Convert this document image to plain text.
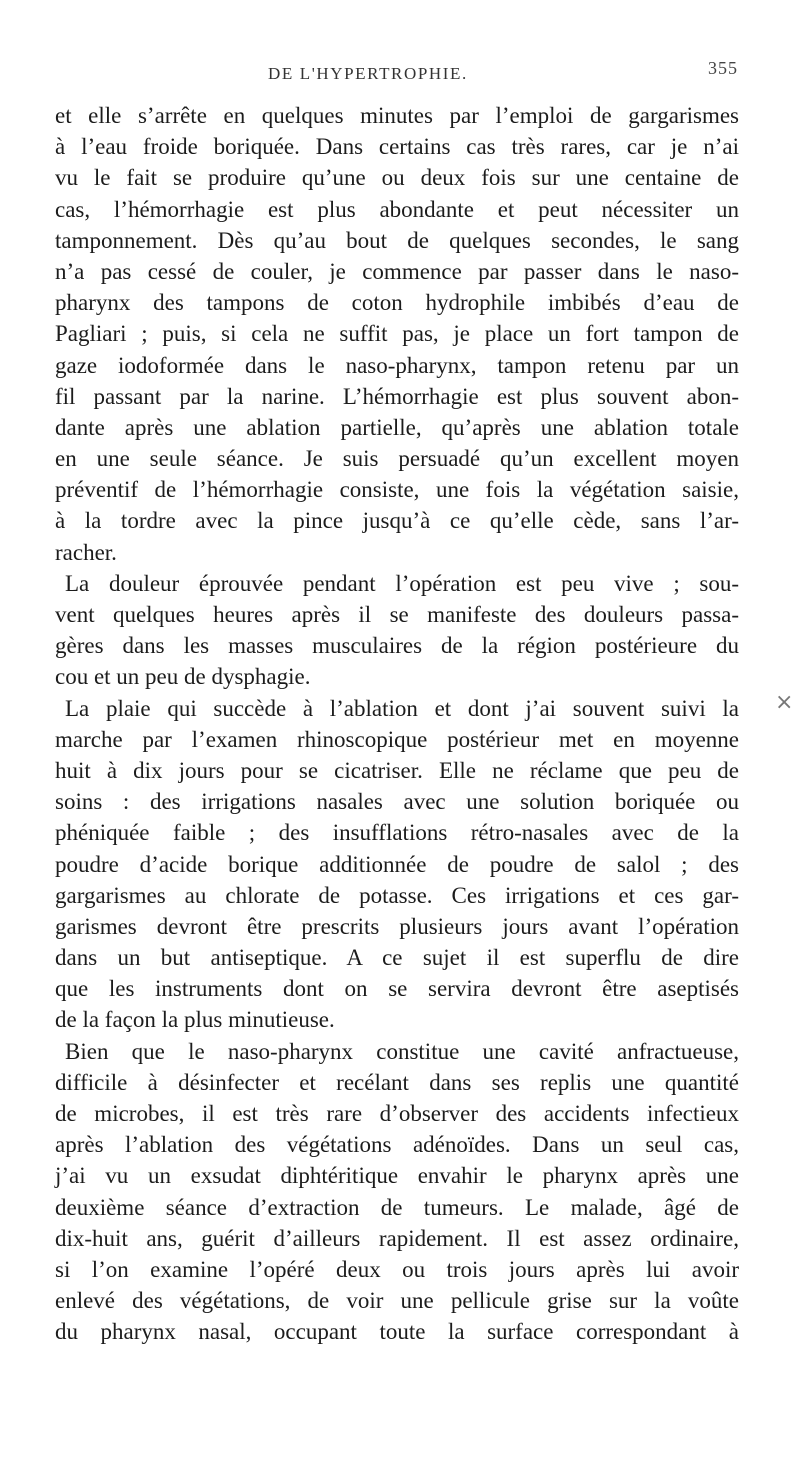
DE L'HYPERTROPHIE.	355
et elle s’arrête en quelques minutes par l’emploi de gargarismes
à l’eau froide boriquée. Dans certains cas très rares, car je n’ai
vu le fait se produire qu’une ou deux fois sur une centaine de
cas, l’hémorrhagie est plus abondante et peut nécessiter un
tamponnement. Dès qu’au bout de quelques secondes, le sang
n’a pas cessé de couler, je commence par passer dans le naso-
pharynx des tampons de coton hydrophile imbibés d’eau de
Pagliari ; puis, si cela ne suffit pas, je place un fort tampon de
gaze iodoformée dans le naso-pharynx, tampon retenu par un
fil passant par la narine. L’hémorrhagie est plus souvent abon-
dante après une ablation partielle, qu’après une ablation totale
en une seule séance. Je suis persuadé qu’un excellent moyen
préventif de l’hémorrhagie consiste, une fois la végétation saisie,
à la tordre avec la pince jusqu’à ce qu’elle cède, sans l’ar-
racher.
La douleur éprouvée pendant l’opération est peu vive ; sou-
vent quelques heures après il se manifeste des douleurs passa-
gères dans les masses musculaires de la région postérieure du
cou et un peu de dysphagie.
La plaie qui succède à l’ablation et dont j’ai souvent suivi la
marche par l’examen rhinoscopique postérieur met en moyenne
huit à dix jours pour se cicatriser. Elle ne réclame que peu de
soins : des irrigations nasales avec une solution boriquée ou
phéniquée faible ; des insufflations rétro-nasales avec de la
poudre d’acide borique additionnée de poudre de salol ; des
gargarismes au chlorate de potasse. Ces irrigations et ces gar-
garismes devront être prescrits plusieurs jours avant l’opération
dans un but antiseptique. A ce sujet il est superflu de dire
que les instruments dont on se servira devront être aseptisés
de la façon la plus minutieuse.
Bien que le naso-pharynx constitue une cavité anfractueuse,
difficile à désinfecter et recélant dans ses replis une quantité
de microbes, il est très rare d’observer des accidents infectieux
après l’ablation des végétations adénoïdes. Dans un seul cas,
j’ai vu un exsudat diphtéritique envahir le pharynx après une
deuxième séance d’extraction de tumeurs. Le malade, âgé de
dix-huit ans, guérit d’ailleurs rapidement. Il est assez ordinaire,
si l’on examine l’opéré deux ou trois jours après lui avoir
enlevé des végétations, de voir une pellicule grise sur la voûte
du pharynx nasal, occupant toute la surface correspondant à
×
